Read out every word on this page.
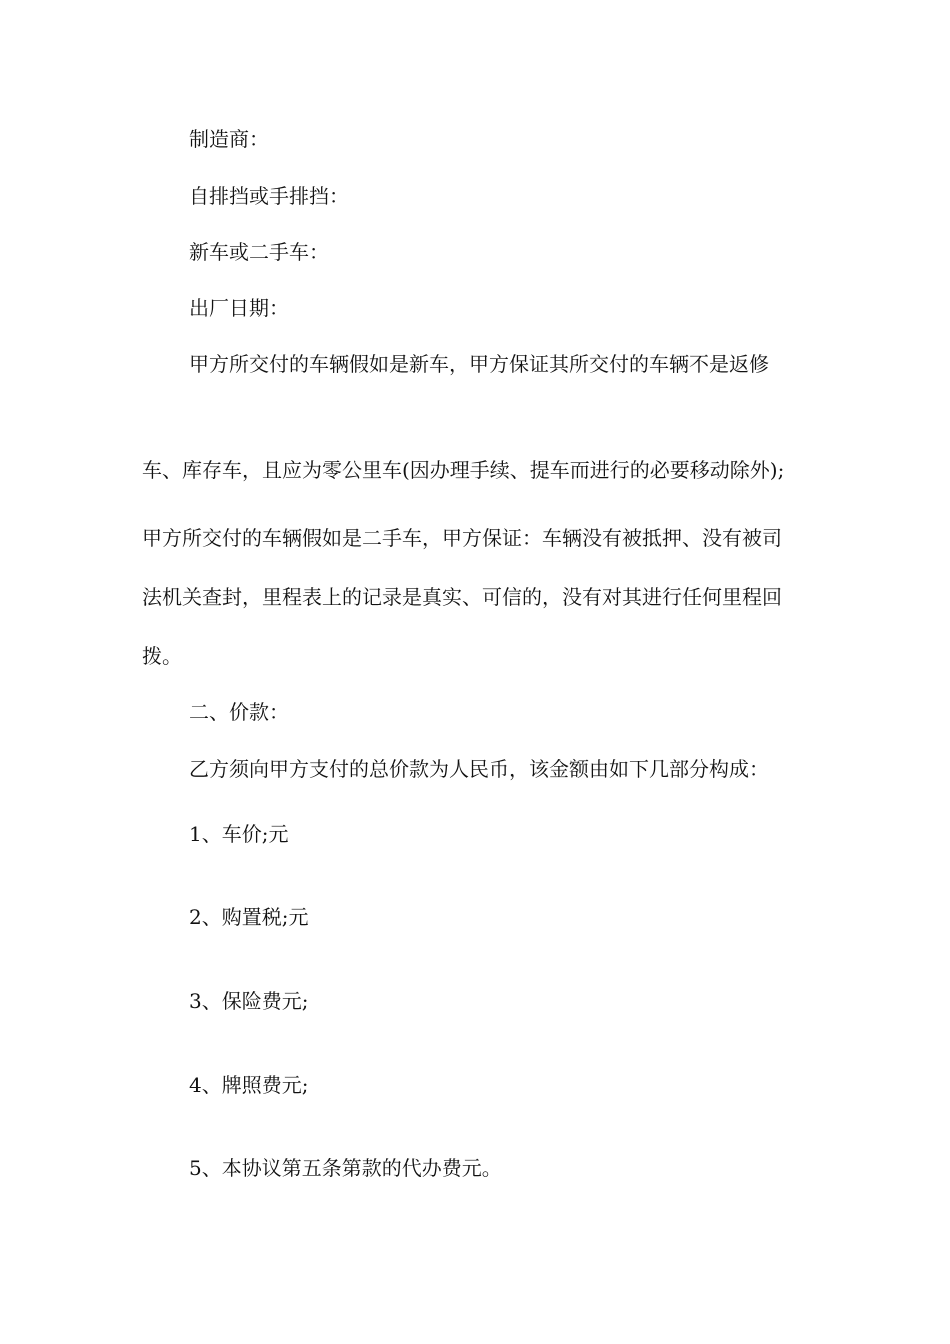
制造商：

自排挡或手排挡：

新车或二手车：

出厂日期：

甲方所交付的车辆假如是新车，甲方保证其所交付的车辆不是返修

车、库存车，且应为零公里车(因办理手续、提车而进行的必要移动除外);

甲方所交付的车辆假如是二手车，甲方保证：车辆没有被抵押、没有被司

法机关查封，里程表上的记录是真实、可信的，没有对其进行任何里程回

拨。

二、价款：

乙方须向甲方支付的总价款为人民币，该金额由如下几部分构成：

1、车价;元

2、购置税;元

3、保险费元;

4、牌照费元;

5、本协议第五条第款的代办费元。
